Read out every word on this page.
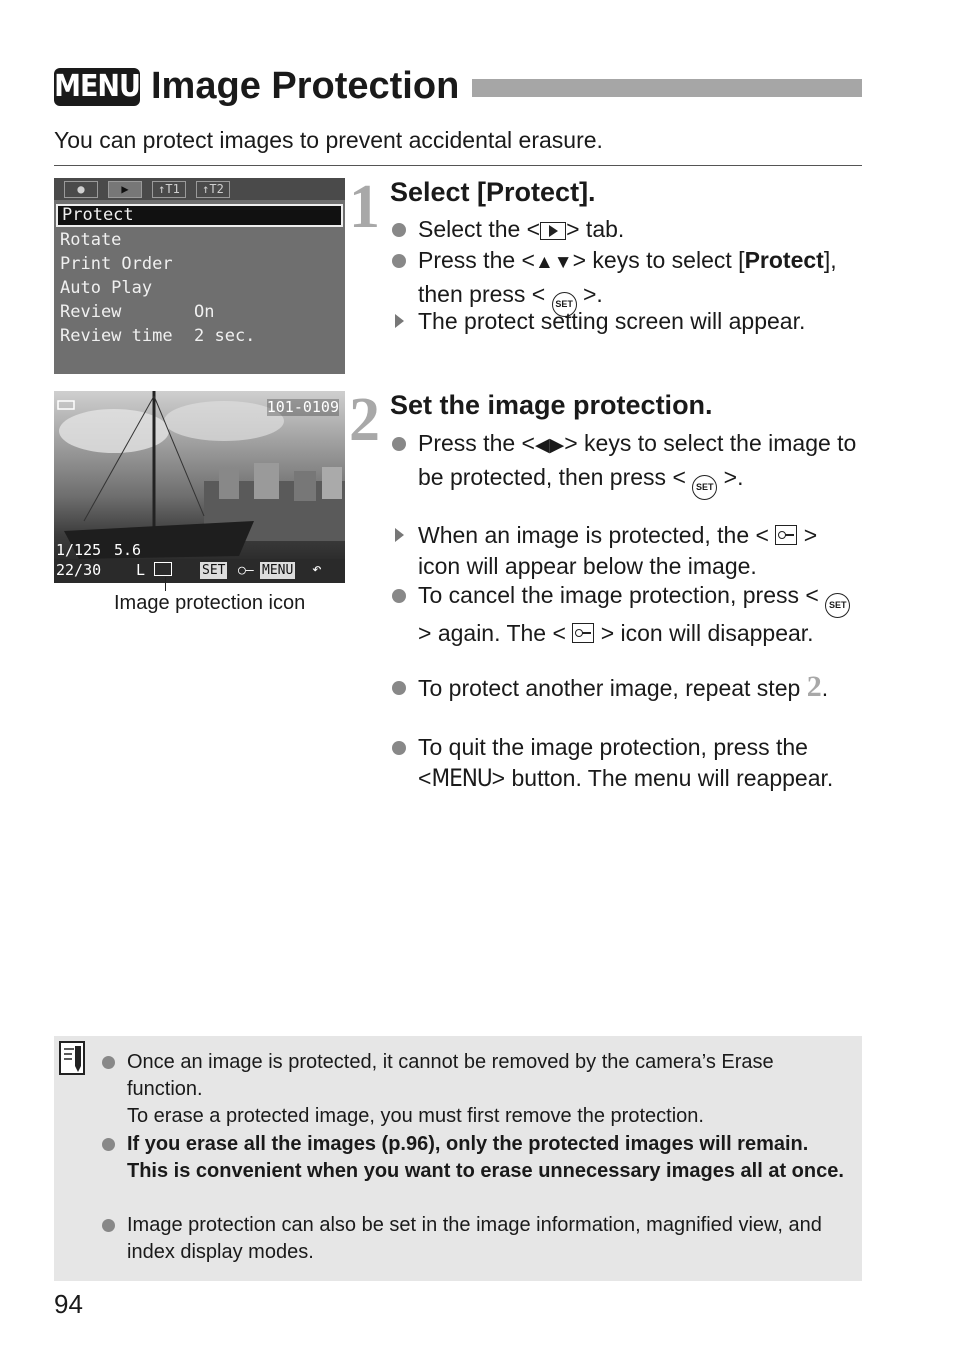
MENU Image Protection
You can protect images to prevent accidental erasure.
●	▶	↑T1	↑T2
Protect
Rotate
Print Order
Auto Play
Review	On
Review time 2 sec.
101-0109
1/125 5.6
22/30 L	SET ○— MENU ↶
Image protection icon
1 Select [Protect].
Select the < > tab.
Press the <▲▼> keys to select [Protect], then press < SET >.
The protect setting screen will appear.
2 Set the image protection.
Press the <◀▶> keys to select the image to be protected, then press < SET >.
When an image is protected, the < > icon will appear below the image.
To cancel the image protection, press < SET > again. The < > icon will disappear.
To protect another image, repeat step 2.
To quit the image protection, press the <MENU> button. The menu will reappear.
Once an image is protected, it cannot be removed by the camera’s Erase function.
To erase a protected image, you must first remove the protection.
If you erase all the images (p.96), only the protected images will remain. This is convenient when you want to erase unnecessary images all at once.
Image protection can also be set in the image information, magnified view, and index display modes.
94
